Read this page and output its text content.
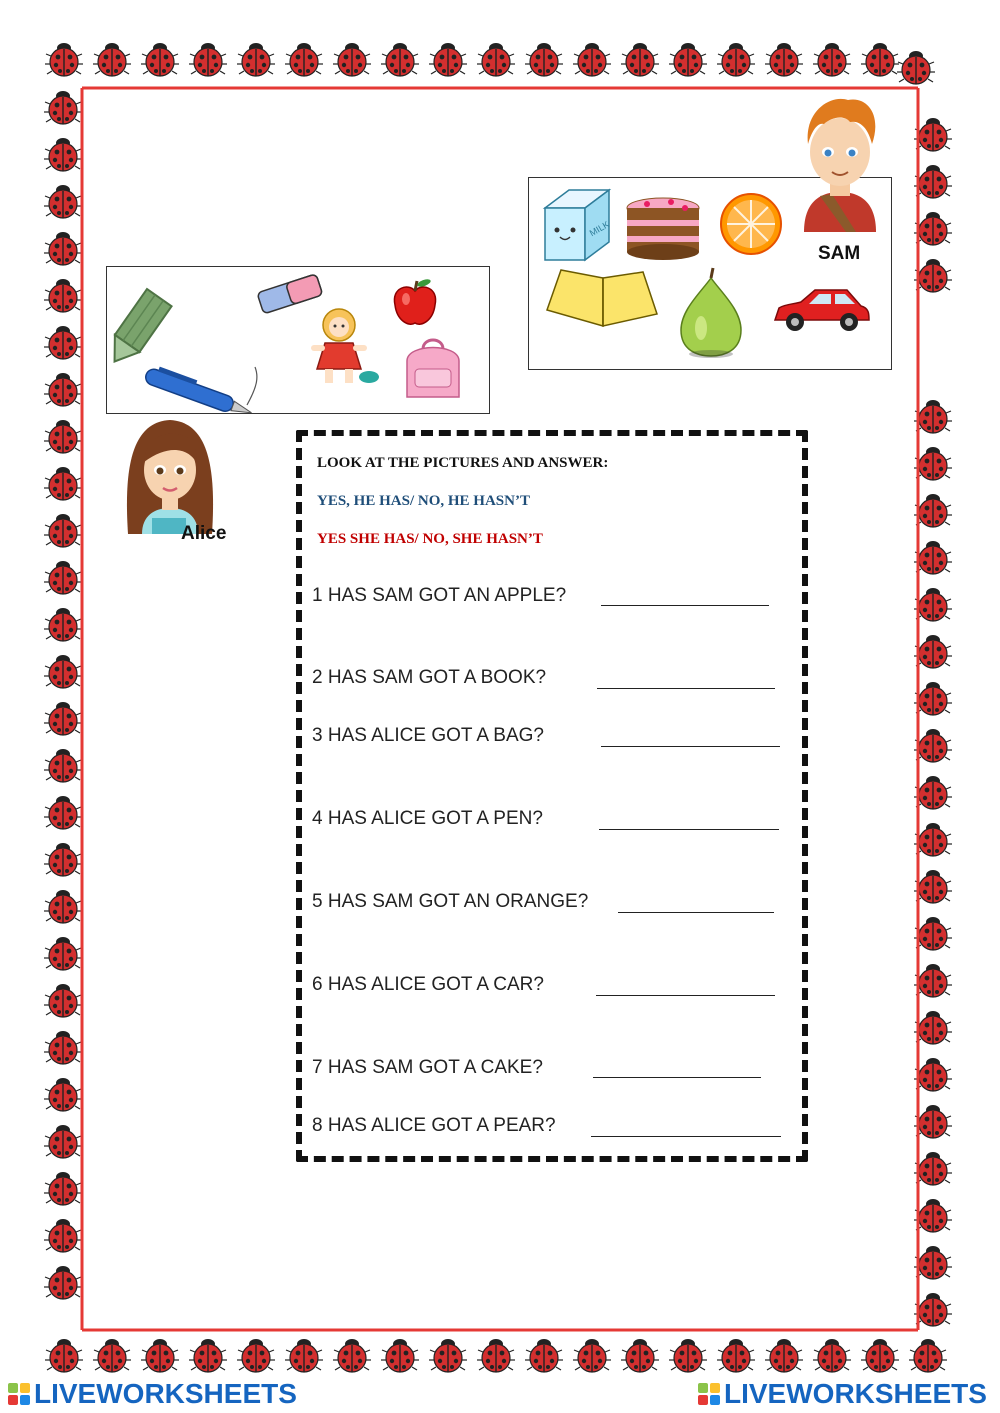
MILK
SAM
Alice
LOOK AT THE PICTURES AND ANSWER:
YES, HE HAS/ NO, HE HASN’T
YES SHE HAS/ NO, SHE HASN’T
1 HAS SAM GOT AN APPLE?
2 HAS SAM GOT A BOOK?
3 HAS ALICE GOT A BAG?
4 HAS ALICE GOT A PEN?
5 HAS SAM GOT AN ORANGE?
6 HAS ALICE GOT A CAR?
7 HAS SAM GOT A CAKE?
8 HAS ALICE GOT A PEAR?
LIVEWORKSHEETS	LIVEWORKSHEETS
